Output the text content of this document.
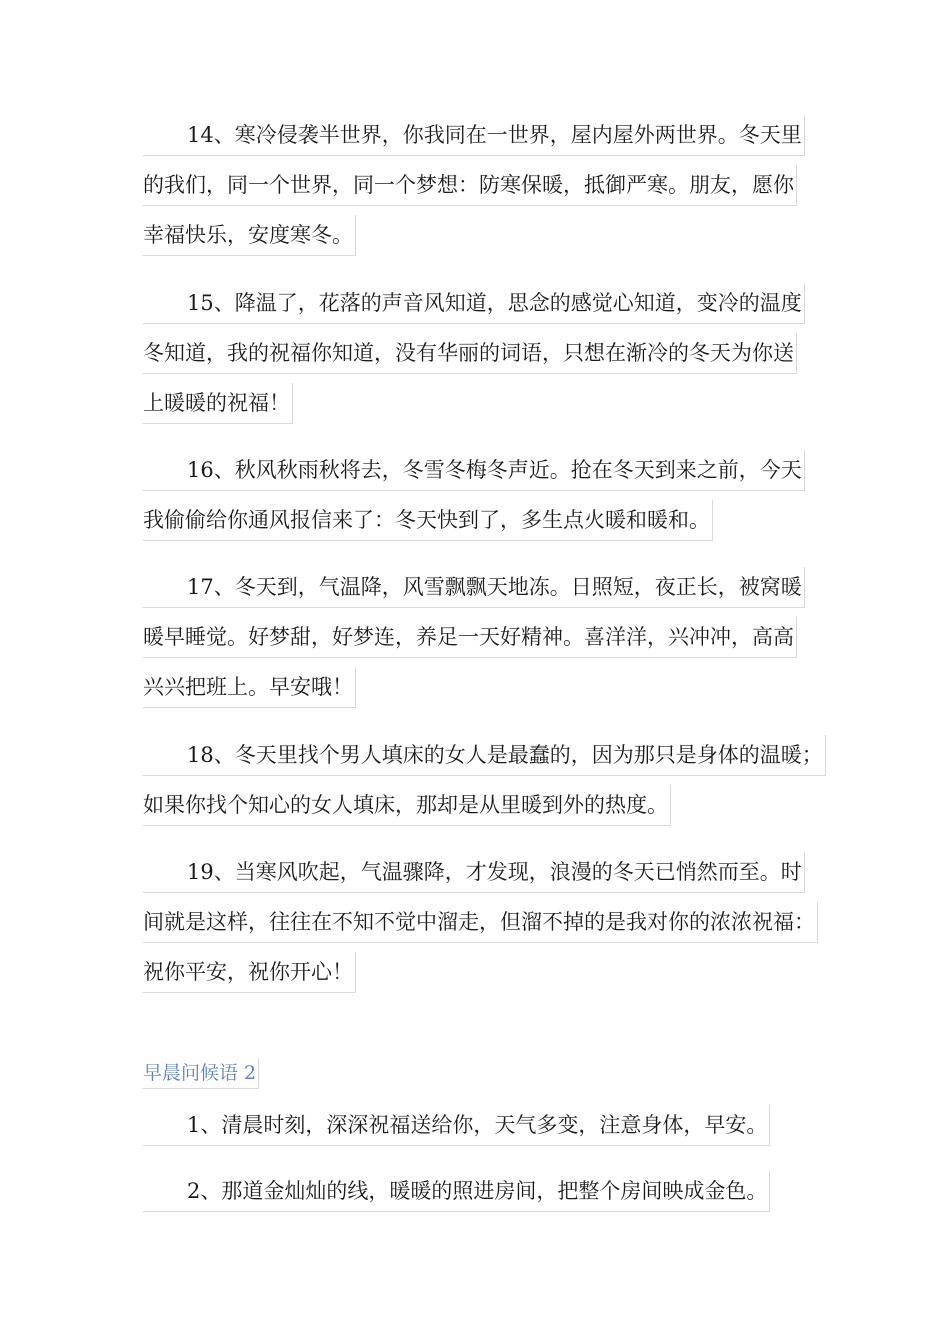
14、寒冷侵袭半世界，你我同在一世界，屋内屋外两世界。冬天里
的我们，同一个世界，同一个梦想：防寒保暖，抵御严寒。朋友，愿你
幸福快乐，安度寒冬。
15、降温了，花落的声音风知道，思念的感觉心知道，变冷的温度
冬知道，我的祝福你知道，没有华丽的词语，只想在渐冷的冬天为你送
上暖暖的祝福！
16、秋风秋雨秋将去，冬雪冬梅冬声近。抢在冬天到来之前，今天
我偷偷给你通风报信来了：冬天快到了，多生点火暖和暖和。
17、冬天到，气温降，风雪飘飘天地冻。日照短，夜正长，被窝暖
暖早睡觉。好梦甜，好梦连，养足一天好精神。喜洋洋，兴冲冲，高高
兴兴把班上。早安哦！
18、冬天里找个男人填床的女人是最蠢的，因为那只是身体的温暖；
如果你找个知心的女人填床，那却是从里暖到外的热度。
19、当寒风吹起，气温骤降，才发现，浪漫的冬天已悄然而至。时
间就是这样，往往在不知不觉中溜走，但溜不掉的是我对你的浓浓祝福：
祝你平安，祝你开心！
早晨问候语 2
1、清晨时刻，深深祝福送给你，天气多变，注意身体，早安。
2、那道金灿灿的线，暖暖的照进房间，把整个房间映成金色。
